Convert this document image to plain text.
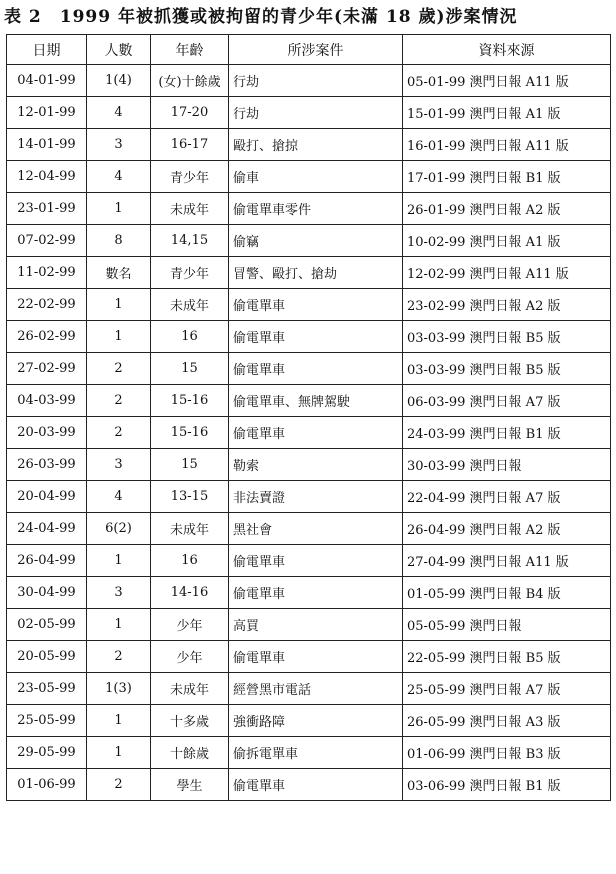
表 2　1999 年被抓獲或被拘留的青少年(未滿 18 歲)涉案情況
日期	人數	年齡	所涉案件	資料來源
04-01-99	1(4)	(女)十餘歲	行劫	05-01-99 澳門日報 A11 版
12-01-99	4	17-20	行劫	15-01-99 澳門日報 A1 版
14-01-99	3	16-17	毆打、搶掠	16-01-99 澳門日報 A11 版
12-04-99	4	青少年	偷車	17-01-99 澳門日報 B1 版
23-01-99	1	未成年	偷電單車零件	26-01-99 澳門日報 A2 版
07-02-99	8	14,15	偷竊	10-02-99 澳門日報 A1 版
11-02-99	數名	青少年	冒警、毆打、搶劫	12-02-99 澳門日報 A11 版
22-02-99	1	未成年	偷電單車	23-02-99 澳門日報 A2 版
26-02-99	1	16	偷電單車	03-03-99 澳門日報 B5 版
27-02-99	2	15	偷電單車	03-03-99 澳門日報 B5 版
04-03-99	2	15-16	偷電單車、無牌駕駛	06-03-99 澳門日報 A7 版
20-03-99	2	15-16	偷電單車	24-03-99 澳門日報 B1 版
26-03-99	3	15	勒索	30-03-99 澳門日報
20-04-99	4	13-15	非法賣證	22-04-99 澳門日報 A7 版
24-04-99	6(2)	未成年	黑社會	26-04-99 澳門日報 A2 版
26-04-99	1	16	偷電單車	27-04-99 澳門日報 A11 版
30-04-99	3	14-16	偷電單車	01-05-99 澳門日報 B4 版
02-05-99	1	少年	高買	05-05-99 澳門日報
20-05-99	2	少年	偷電單車	22-05-99 澳門日報 B5 版
23-05-99	1(3)	未成年	經營黑市電話	25-05-99 澳門日報 A7 版
25-05-99	1	十多歲	強衝路障	26-05-99 澳門日報 A3 版
29-05-99	1	十餘歲	偷拆電單車	01-06-99 澳門日報 B3 版
01-06-99	2	學生	偷電單車	03-06-99 澳門日報 B1 版
